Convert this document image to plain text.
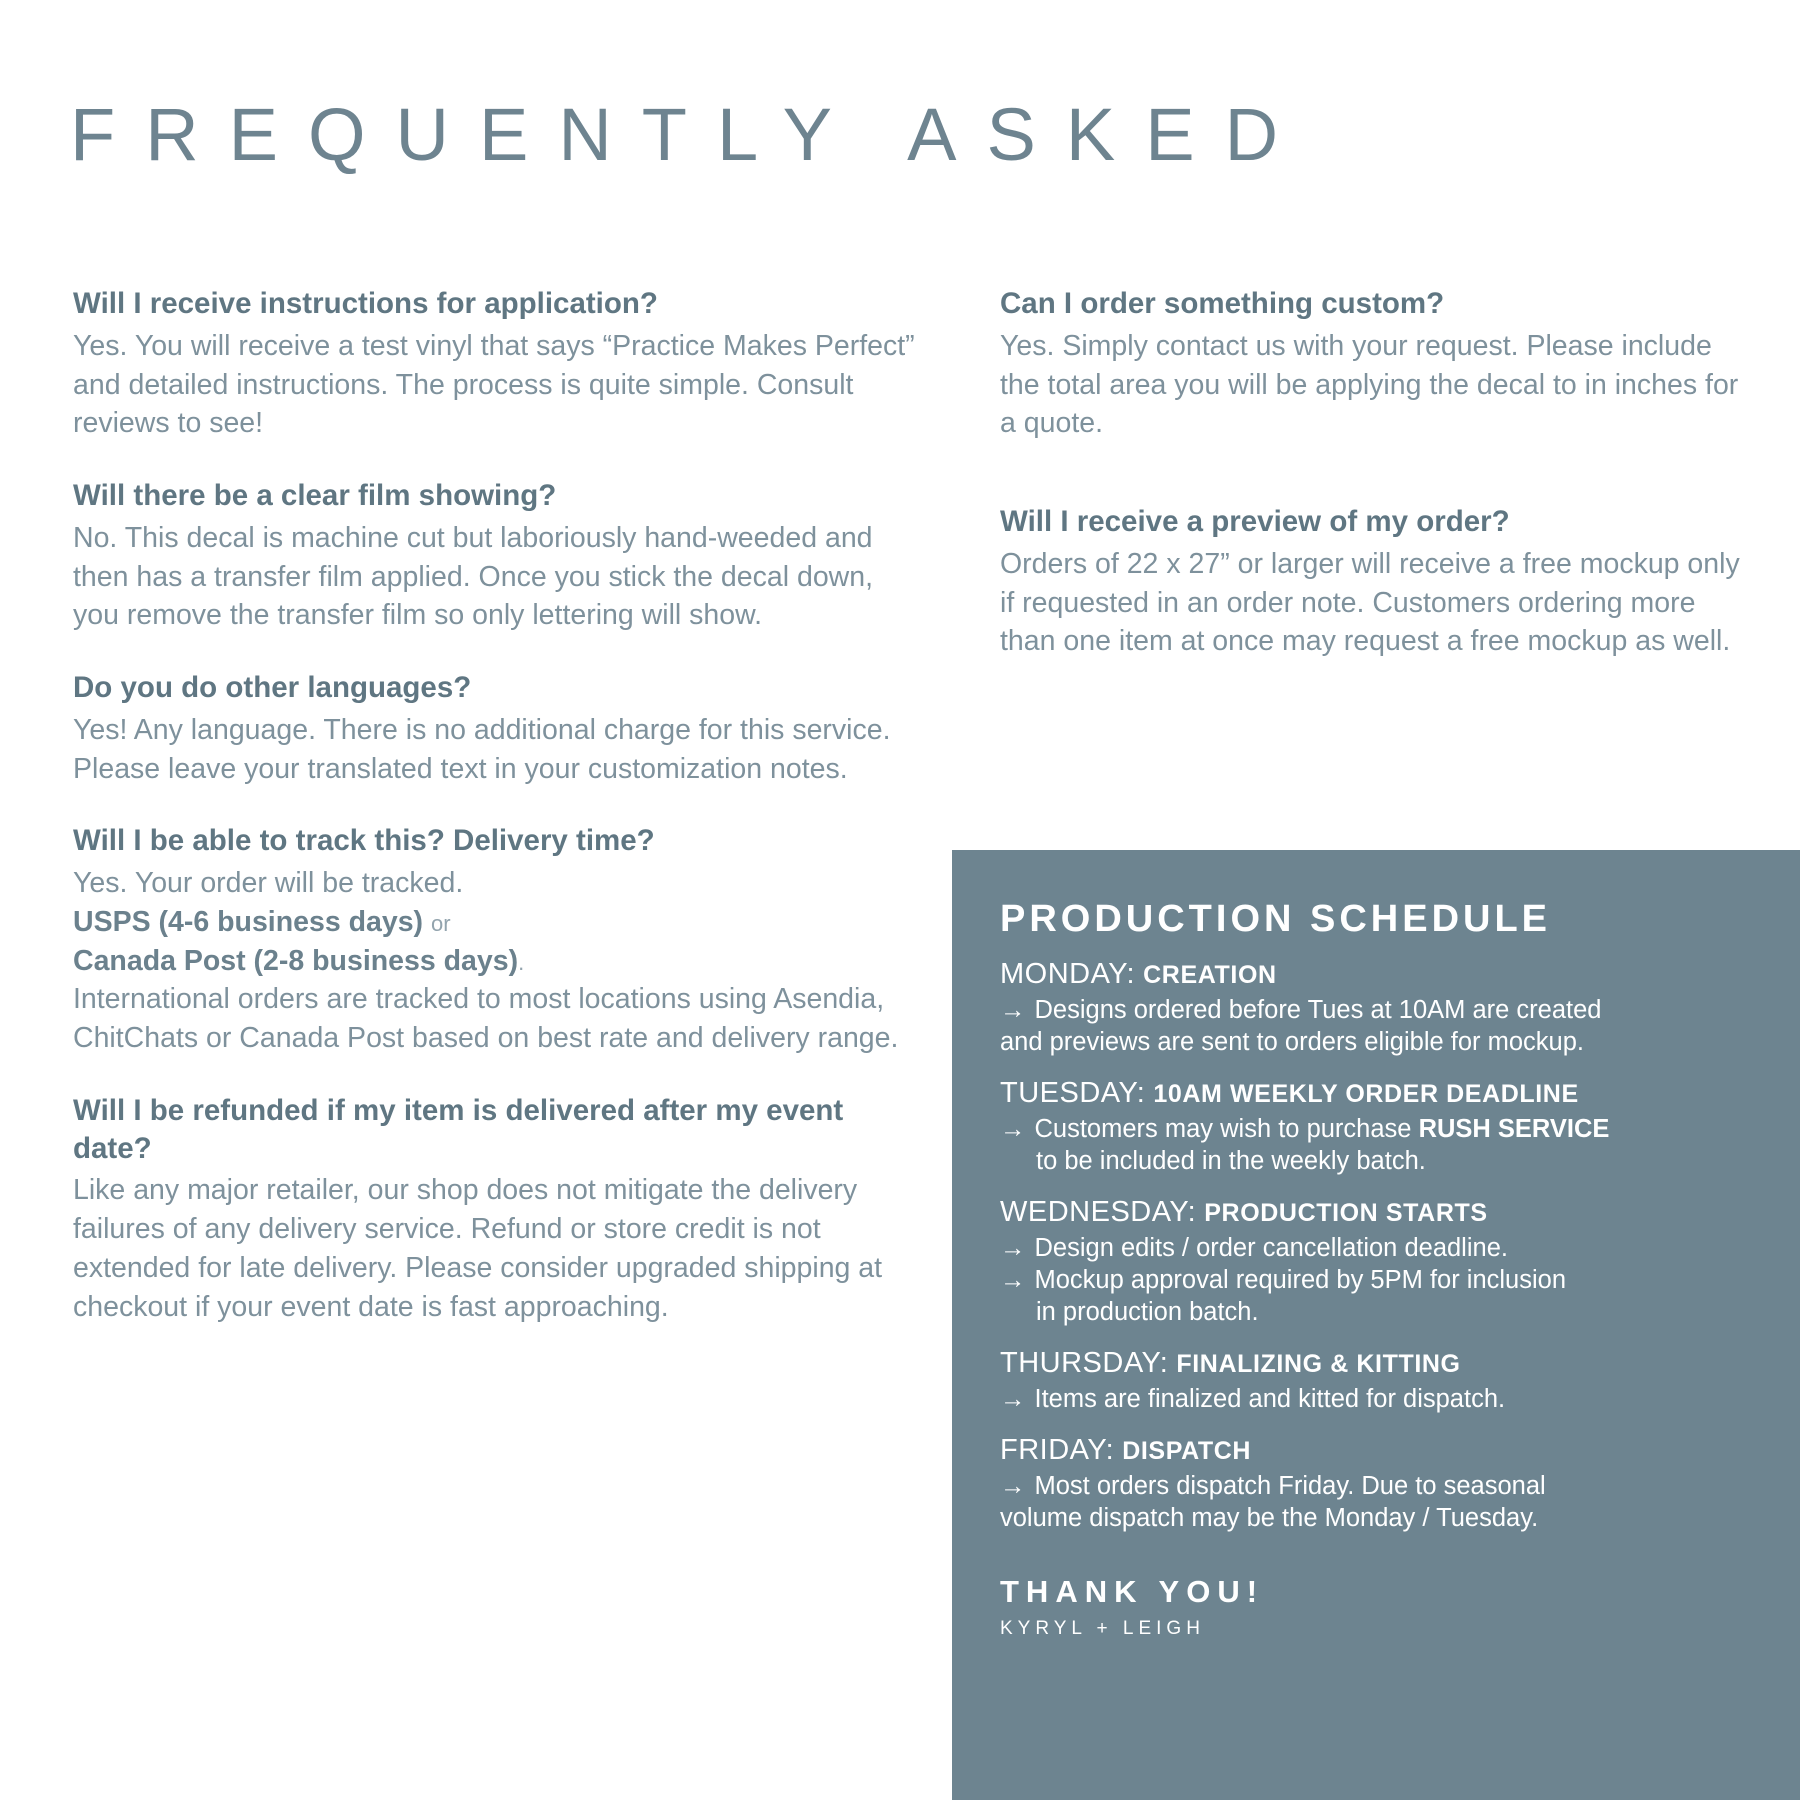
FREQUENTLY ASKED
Will I receive instructions for application?
Yes. You will receive a test vinyl that says “Practice Makes Perfect” and detailed instructions. The process is quite simple. Consult reviews to see!
Will there be a clear film showing?
No. This decal is machine cut but laboriously hand-weeded and then has a transfer film applied. Once you stick the decal down, you remove the transfer film so only lettering will show.
Do you do other languages?
Yes! Any language. There is no additional charge for this service. Please leave your translated text in your customization notes.
Will I be able to track this? Delivery time?
Yes. Your order will be tracked.
USPS (4-6 business days) or
Canada Post (2-8 business days).
International orders are tracked to most locations using Asendia, ChitChats or Canada Post based on best rate and delivery range.
Will I be refunded if my item is delivered after my event date?
Like any major retailer, our shop does not mitigate the delivery failures of any delivery service. Refund or store credit is not extended for late delivery. Please consider upgraded shipping at checkout if your event date is fast approaching.
Can I order something custom?
Yes. Simply contact us with your request. Please include the total area you will be applying the decal to in inches for a quote.
Will I receive a preview of my order?
Orders of 22 x 27” or larger will receive a free mockup only if requested in an order note. Customers ordering more than one item at once may request a free mockup as well.
PRODUCTION SCHEDULE
MONDAY: CREATION
→ Designs ordered before Tues at 10AM are created
and previews are sent to orders eligible for mockup.
TUESDAY: 10AM WEEKLY ORDER DEADLINE
→ Customers may wish to purchase RUSH SERVICE
to be included in the weekly batch.
WEDNESDAY: PRODUCTION STARTS
→ Design edits / order cancellation deadline.
→ Mockup approval required by 5PM for inclusion
in production batch.
THURSDAY: FINALIZING & KITTING
→ Items are finalized and kitted for dispatch.
FRIDAY: DISPATCH
→ Most orders dispatch Friday. Due to seasonal
volume dispatch may be the Monday / Tuesday.
THANK YOU!
KYRYL + LEIGH
